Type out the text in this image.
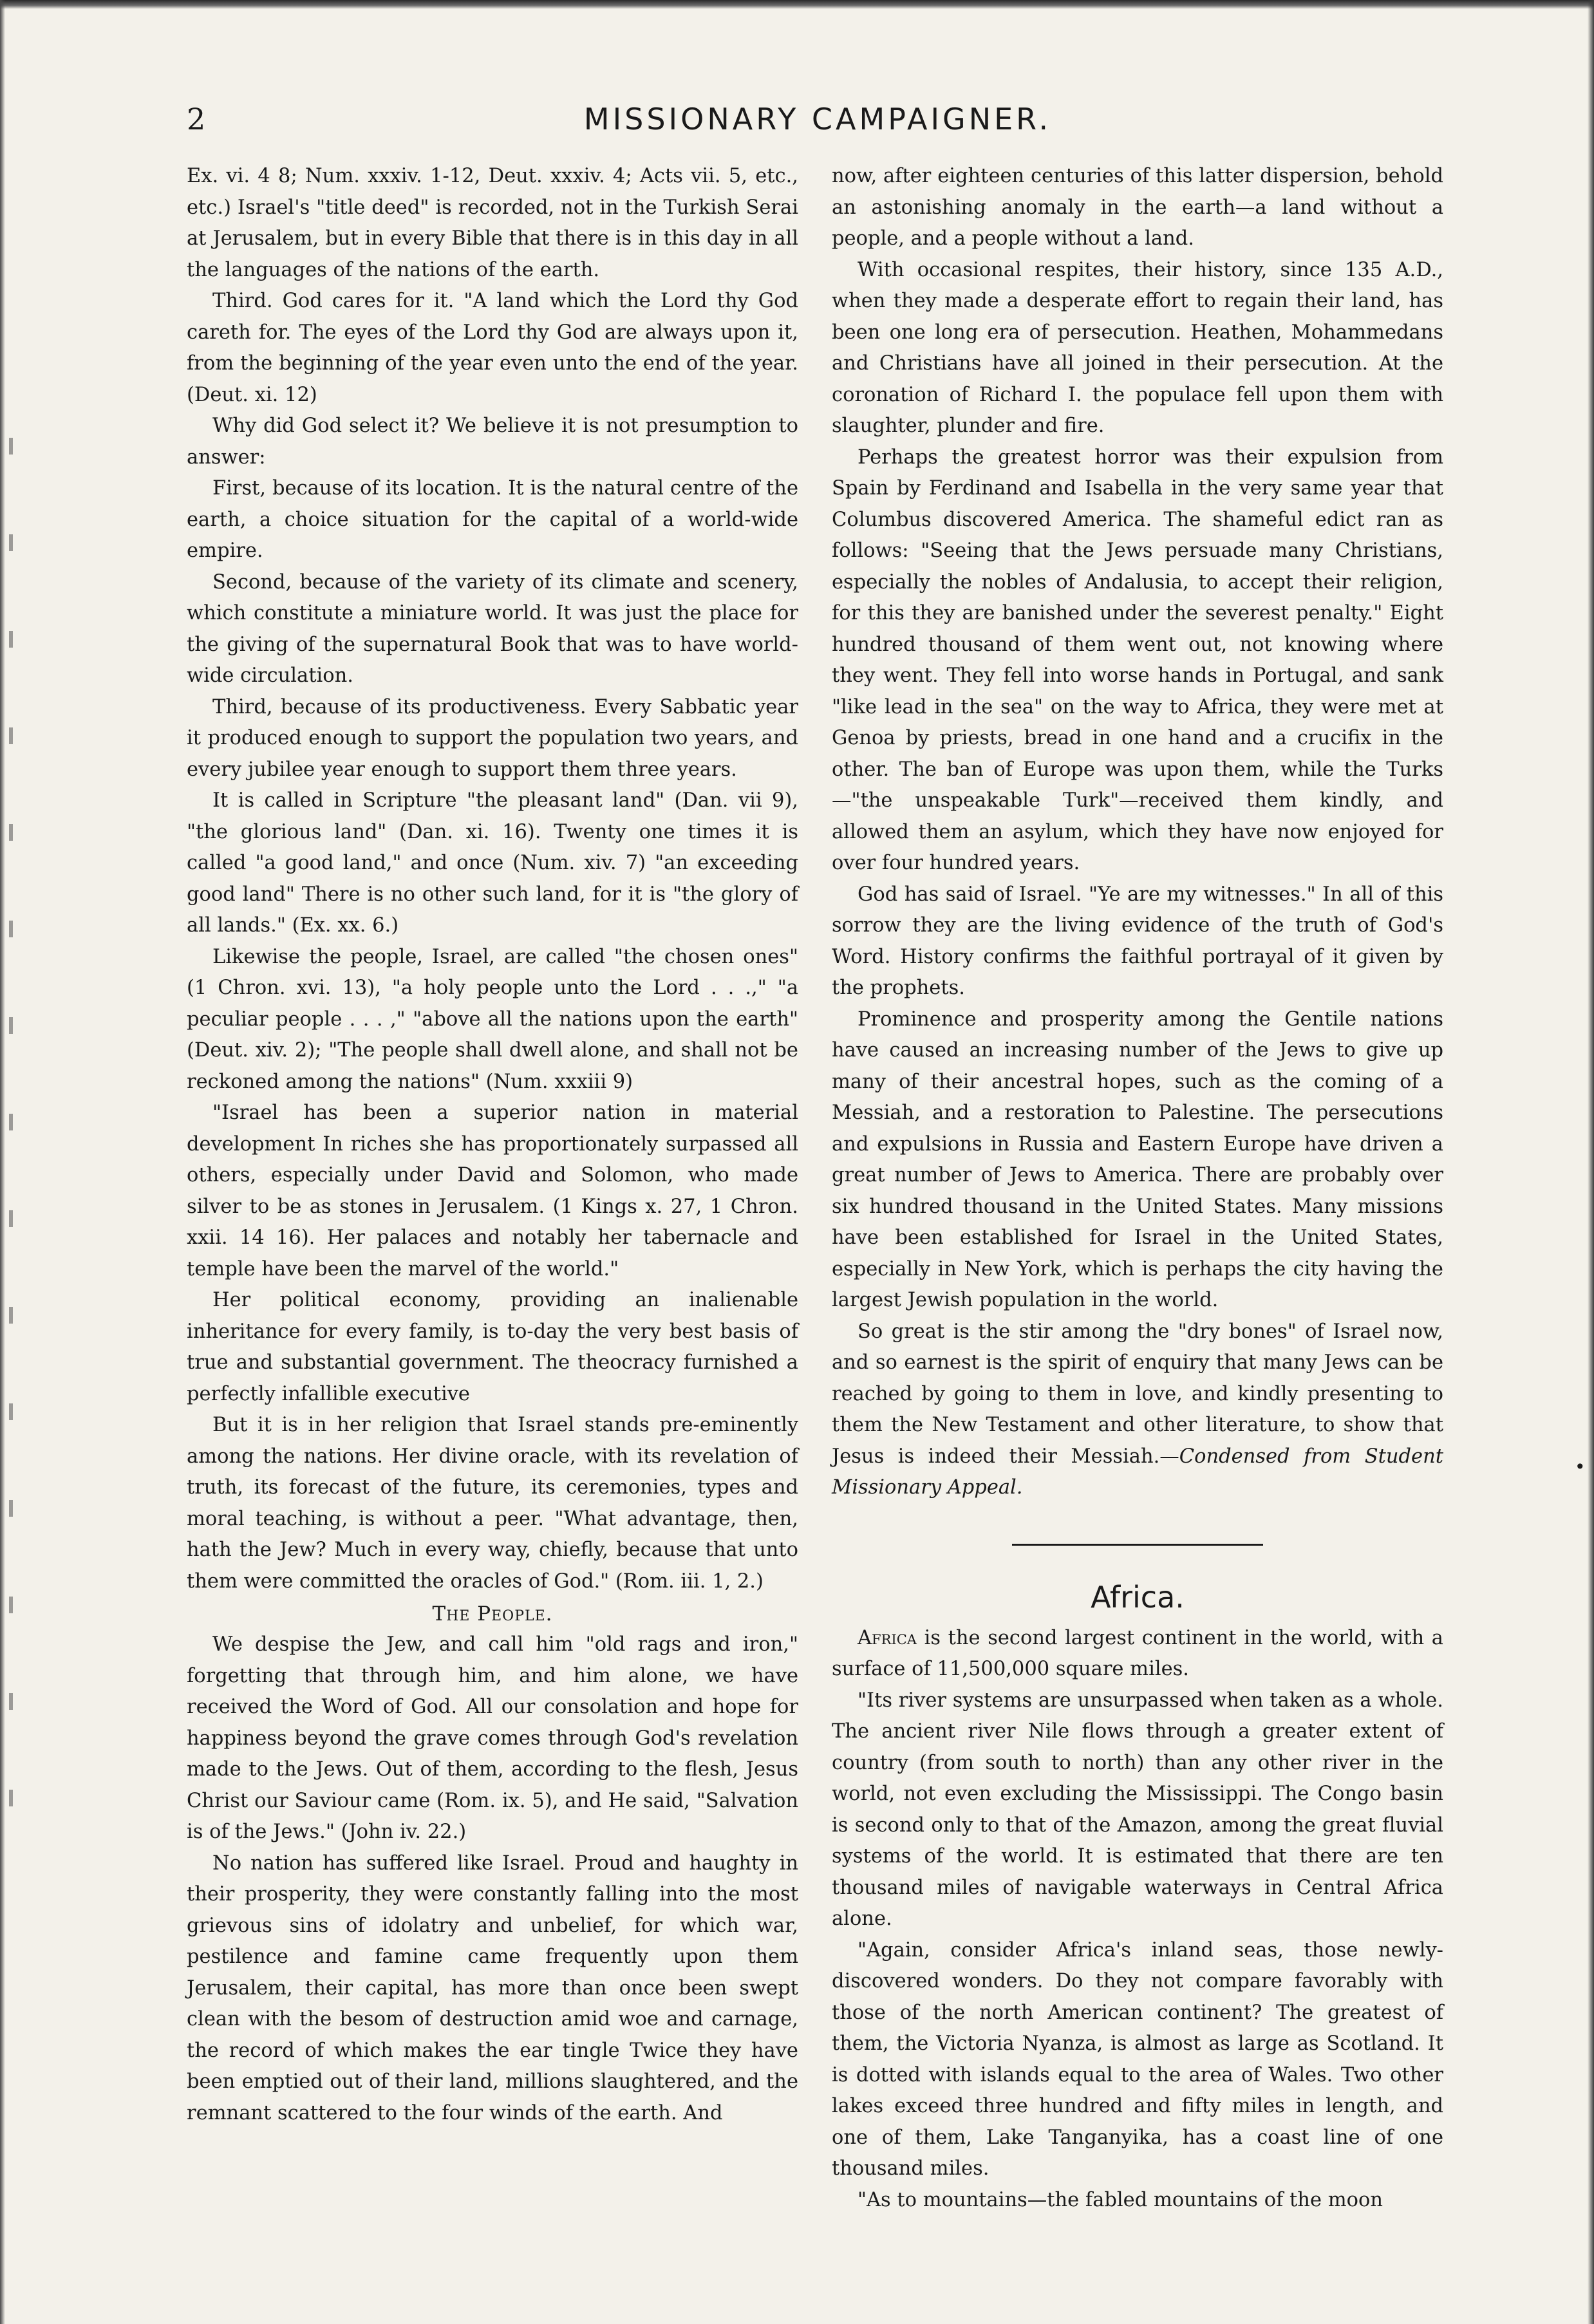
2	MISSIONARY CAMPAIGNER.

Ex. vi. 4 8; Num. xxxiv. 1-12, Deut. xxxiv. 4; Acts vii. 5, etc., etc.) Israel's "title deed" is recorded, not in the Turkish Serai at Jerusalem, but in every Bible that there is in this day in all the languages of the nations of the earth.

Third. God cares for it. "A land which the Lord thy God careth for. The eyes of the Lord thy God are always upon it, from the beginning of the year even unto the end of the year. (Deut. xi. 12)

Why did God select it? We believe it is not presumption to answer:

First, because of its location. It is the natural centre of the earth, a choice situation for the capital of a world-wide empire.

Second, because of the variety of its climate and scenery, which constitute a miniature world. It was just the place for the giving of the supernatural Book that was to have world-wide circulation.

Third, because of its productiveness. Every Sabbatic year it produced enough to support the population two years, and every jubilee year enough to support them three years.

It is called in Scripture "the pleasant land" (Dan. vii 9), "the glorious land" (Dan. xi. 16). Twenty one times it is called "a good land," and once (Num. xiv. 7) "an exceeding good land" There is no other such land, for it is "the glory of all lands." (Ex. xx. 6.)

Likewise the people, Israel, are called "the chosen ones" (1 Chron. xvi. 13), "a holy people unto the Lord . . .," "a peculiar people . . . ," "above all the nations upon the earth" (Deut. xiv. 2); "The people shall dwell alone, and shall not be reckoned among the nations" (Num. xxxiii 9)

"Israel has been a superior nation in material development In riches she has proportionately surpassed all others, especially under David and Solomon, who made silver to be as stones in Jerusalem. (1 Kings x. 27, 1 Chron. xxii. 14 16). Her palaces and notably her tabernacle and temple have been the marvel of the world."

Her political economy, providing an inalienable inheritance for every family, is to-day the very best basis of true and substantial government. The theocracy furnished a perfectly infallible executive

But it is in her religion that Israel stands pre-eminently among the nations. Her divine oracle, with its revelation of truth, its forecast of the future, its ceremonies, types and moral teaching, is without a peer. "What advantage, then, hath the Jew? Much in every way, chiefly, because that unto them were committed the oracles of God." (Rom. iii. 1, 2.)

The People.

We despise the Jew, and call him "old rags and iron," forgetting that through him, and him alone, we have received the Word of God. All our consolation and hope for happiness beyond the grave comes through God's revelation made to the Jews. Out of them, according to the flesh, Jesus Christ our Saviour came (Rom. ix. 5), and He said, "Salvation is of the Jews." (John iv. 22.)

No nation has suffered like Israel. Proud and haughty in their prosperity, they were constantly falling into the most grievous sins of idolatry and unbelief, for which war, pestilence and famine came frequently upon them Jerusalem, their capital, has more than once been swept clean with the besom of destruction amid woe and carnage, the record of which makes the ear tingle Twice they have been emptied out of their land, millions slaughtered, and the remnant scattered to the four winds of the earth. And

now, after eighteen centuries of this latter dispersion, behold an astonishing anomaly in the earth—a land without a people, and a people without a land.

With occasional respites, their history, since 135 A.D., when they made a desperate effort to regain their land, has been one long era of persecution. Heathen, Mohammedans and Christians have all joined in their persecution. At the coronation of Richard I. the populace fell upon them with slaughter, plunder and fire.

Perhaps the greatest horror was their expulsion from Spain by Ferdinand and Isabella in the very same year that Columbus discovered America. The shameful edict ran as follows: "Seeing that the Jews persuade many Christians, especially the nobles of Andalusia, to accept their religion, for this they are banished under the severest penalty." Eight hundred thousand of them went out, not knowing where they went. They fell into worse hands in Portugal, and sank "like lead in the sea" on the way to Africa, they were met at Genoa by priests, bread in one hand and a crucifix in the other. The ban of Europe was upon them, while the Turks—"the unspeakable Turk"—received them kindly, and allowed them an asylum, which they have now enjoyed for over four hundred years.

God has said of Israel. "Ye are my witnesses." In all of this sorrow they are the living evidence of the truth of God's Word. History confirms the faithful portrayal of it given by the prophets.

Prominence and prosperity among the Gentile nations have caused an increasing number of the Jews to give up many of their ancestral hopes, such as the coming of a Messiah, and a restoration to Palestine. The persecutions and expulsions in Russia and Eastern Europe have driven a great number of Jews to America. There are probably over six hundred thousand in the United States. Many missions have been established for Israel in the United States, especially in New York, which is perhaps the city having the largest Jewish population in the world.

So great is the stir among the "dry bones" of Israel now, and so earnest is the spirit of enquiry that many Jews can be reached by going to them in love, and kindly presenting to them the New Testament and other literature, to show that Jesus is indeed their Messiah.—Condensed from Student Missionary Appeal.

Africa.

Africa is the second largest continent in the world, with a surface of 11,500,000 square miles.

"Its river systems are unsurpassed when taken as a whole. The ancient river Nile flows through a greater extent of country (from south to north) than any other river in the world, not even excluding the Mississippi. The Congo basin is second only to that of the Amazon, among the great fluvial systems of the world. It is estimated that there are ten thousand miles of navigable waterways in Central Africa alone.

"Again, consider Africa's inland seas, those newly-discovered wonders. Do they not compare favorably with those of the north American continent? The greatest of them, the Victoria Nyanza, is almost as large as Scotland. It is dotted with islands equal to the area of Wales. Two other lakes exceed three hundred and fifty miles in length, and one of them, Lake Tanganyika, has a coast line of one thousand miles.

"As to mountains—the fabled mountains of the moon

•
